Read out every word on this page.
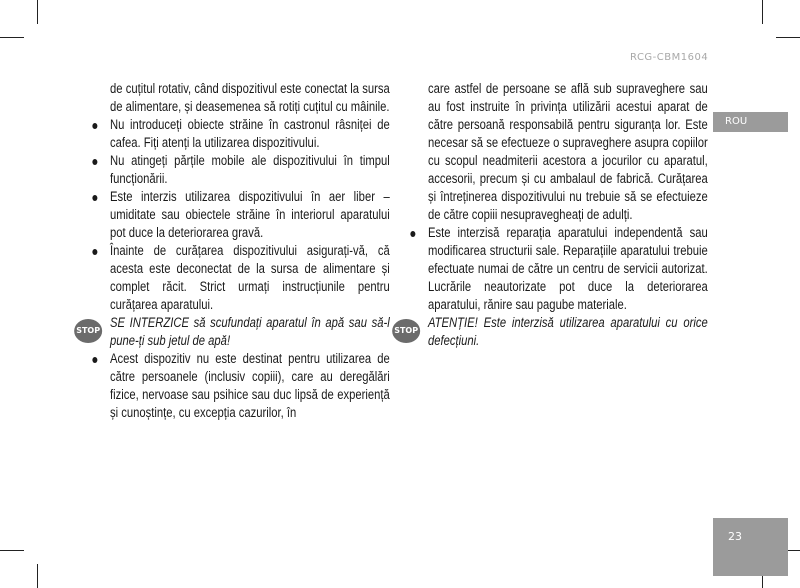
RCG-CBM1604
ROU
23

de cuțitul rotativ, când dispozitivul este conectat la sursa de alimentare, și deasemenea să rotiți cuțitul cu mâinile.

Nu introduceți obiecte străine în castronul râsniței de cafea. Fiți atenți la utilizarea dispozitivului.

Nu atingeți părțile mobile ale dispozitivului în timpul funcționării.

Este interzis utilizarea dispozitivului în aer liber – umiditate sau obiectele străine în interiorul aparatului pot duce la deteriorarea gravă.

Înainte de curățarea dispozitivului asigurați-vă, că acesta este deconectat de la sursa de alimentare și complet răcit. Strict urmați instrucțiunile pentru curățarea aparatului.

STOP
SE INTERZICE să scufundați aparatul în apă sau să-l pune-ți sub jetul de apă!

Acest dispozitiv nu este destinat pentru utilizarea de către persoanele (inclusiv copiii), care au deregălări fizice, nervoase sau psihice sau duc lipsă de experiență și cunoștințe, cu excepția cazurilor, în

care astfel de persoane se află sub supraveghere sau au fost instruite în privința utilizării acestui aparat de către persoană responsabilă pentru siguranța lor. Este necesar să se efectueze o supraveghere asupra copiilor cu scopul neadmiterii acestora a jocurilor cu aparatul, accesorii, precum și cu ambalaul de fabrică. Curățarea și întreținerea dispozitivului nu trebuie să se efectuieze de către copiii nesupravegheați de adulți.

Este interzisă reparația aparatului independentă sau modificarea structurii sale. Reparațiile aparatului trebuie efectuate numai de către un centru de servicii autorizat. Lucrările neautorizate pot duce la deteriorarea aparatului, rănire sau pagube materiale.

STOP
ATENȚIE! Este interzisă utilizarea aparatului cu orice defecțiuni.
